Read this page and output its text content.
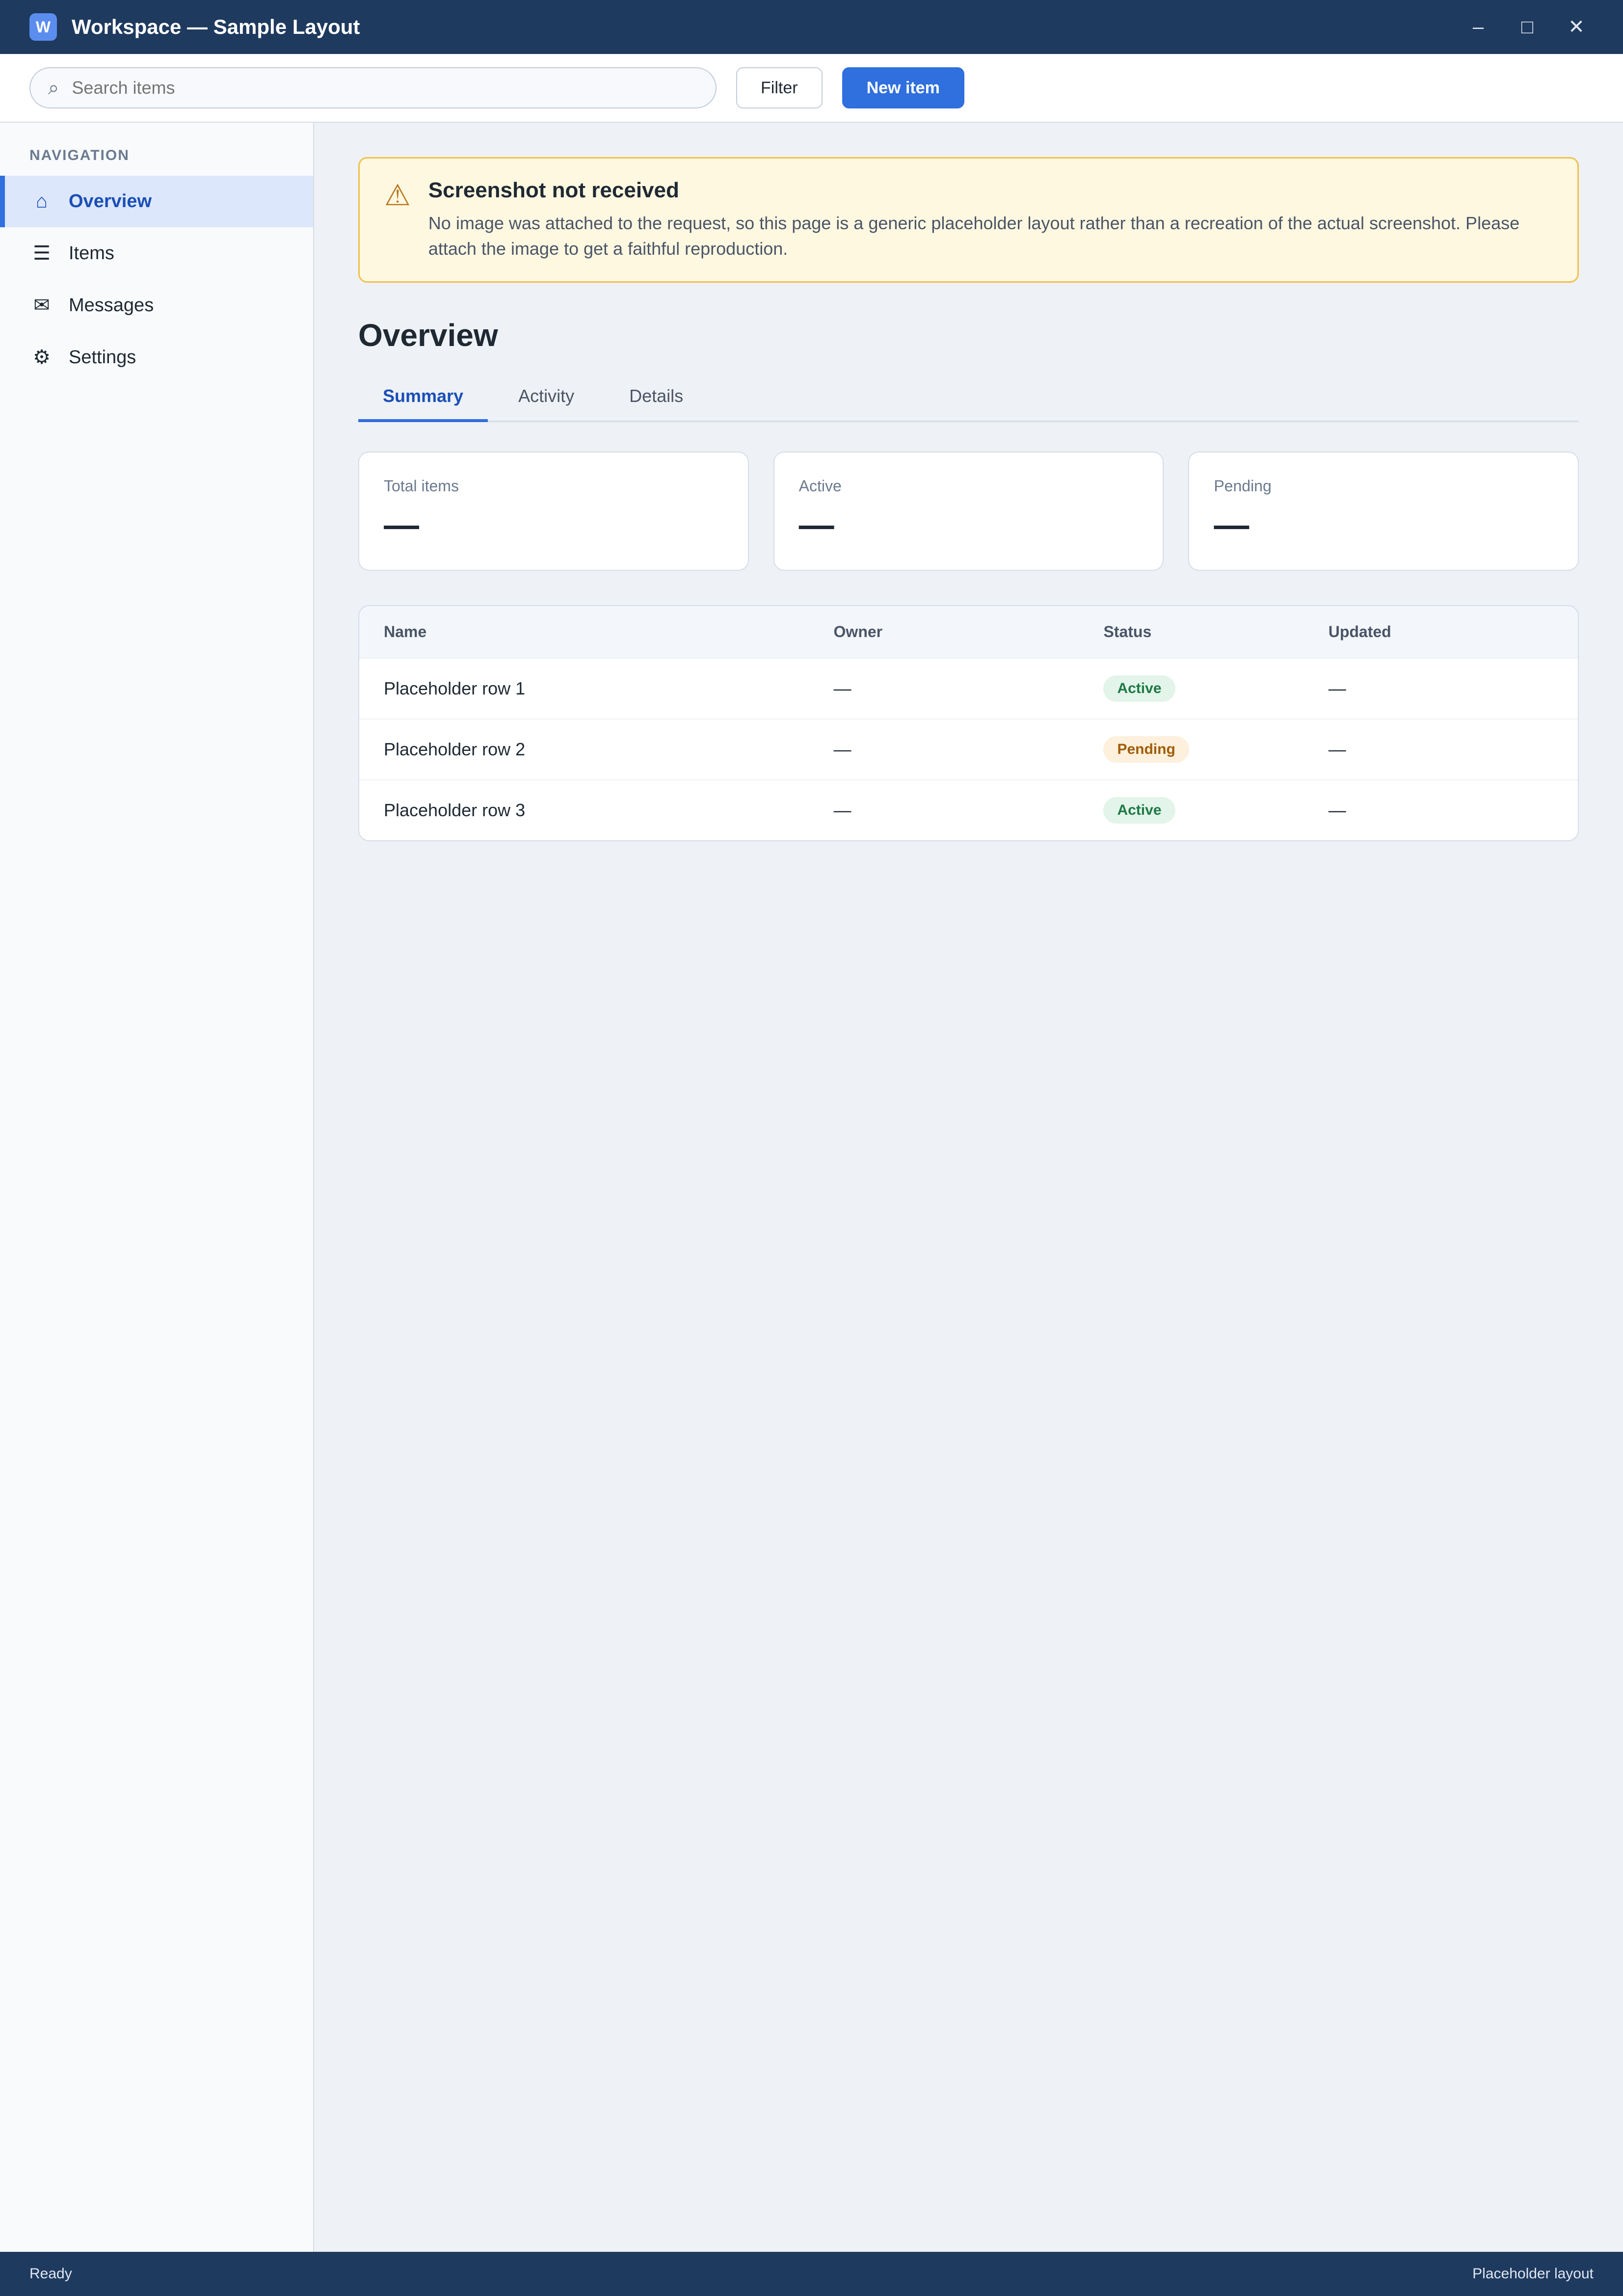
W	Workspace — Sample Layout	–	□	✕
⌕
Search items	Filter	New item
NAVIGATION
⌂	Overview
☰ Items
✉ Messages
⚙ Settings
⚠ Screenshot not received
No image was attached to the request, so this page is a generic placeholder layout rather than a recreation of the actual screenshot. Please attach the image to get a faithful reproduction.
Overview
Summary	Activity	Details
Total items
—
Active
—
Pending
—
Name	Owner	Status	Updated
Placeholder row 1	—	Active	—
Placeholder row 2	—	Pending	—
Placeholder row 3	—	Active	—
Ready	Placeholder layout
